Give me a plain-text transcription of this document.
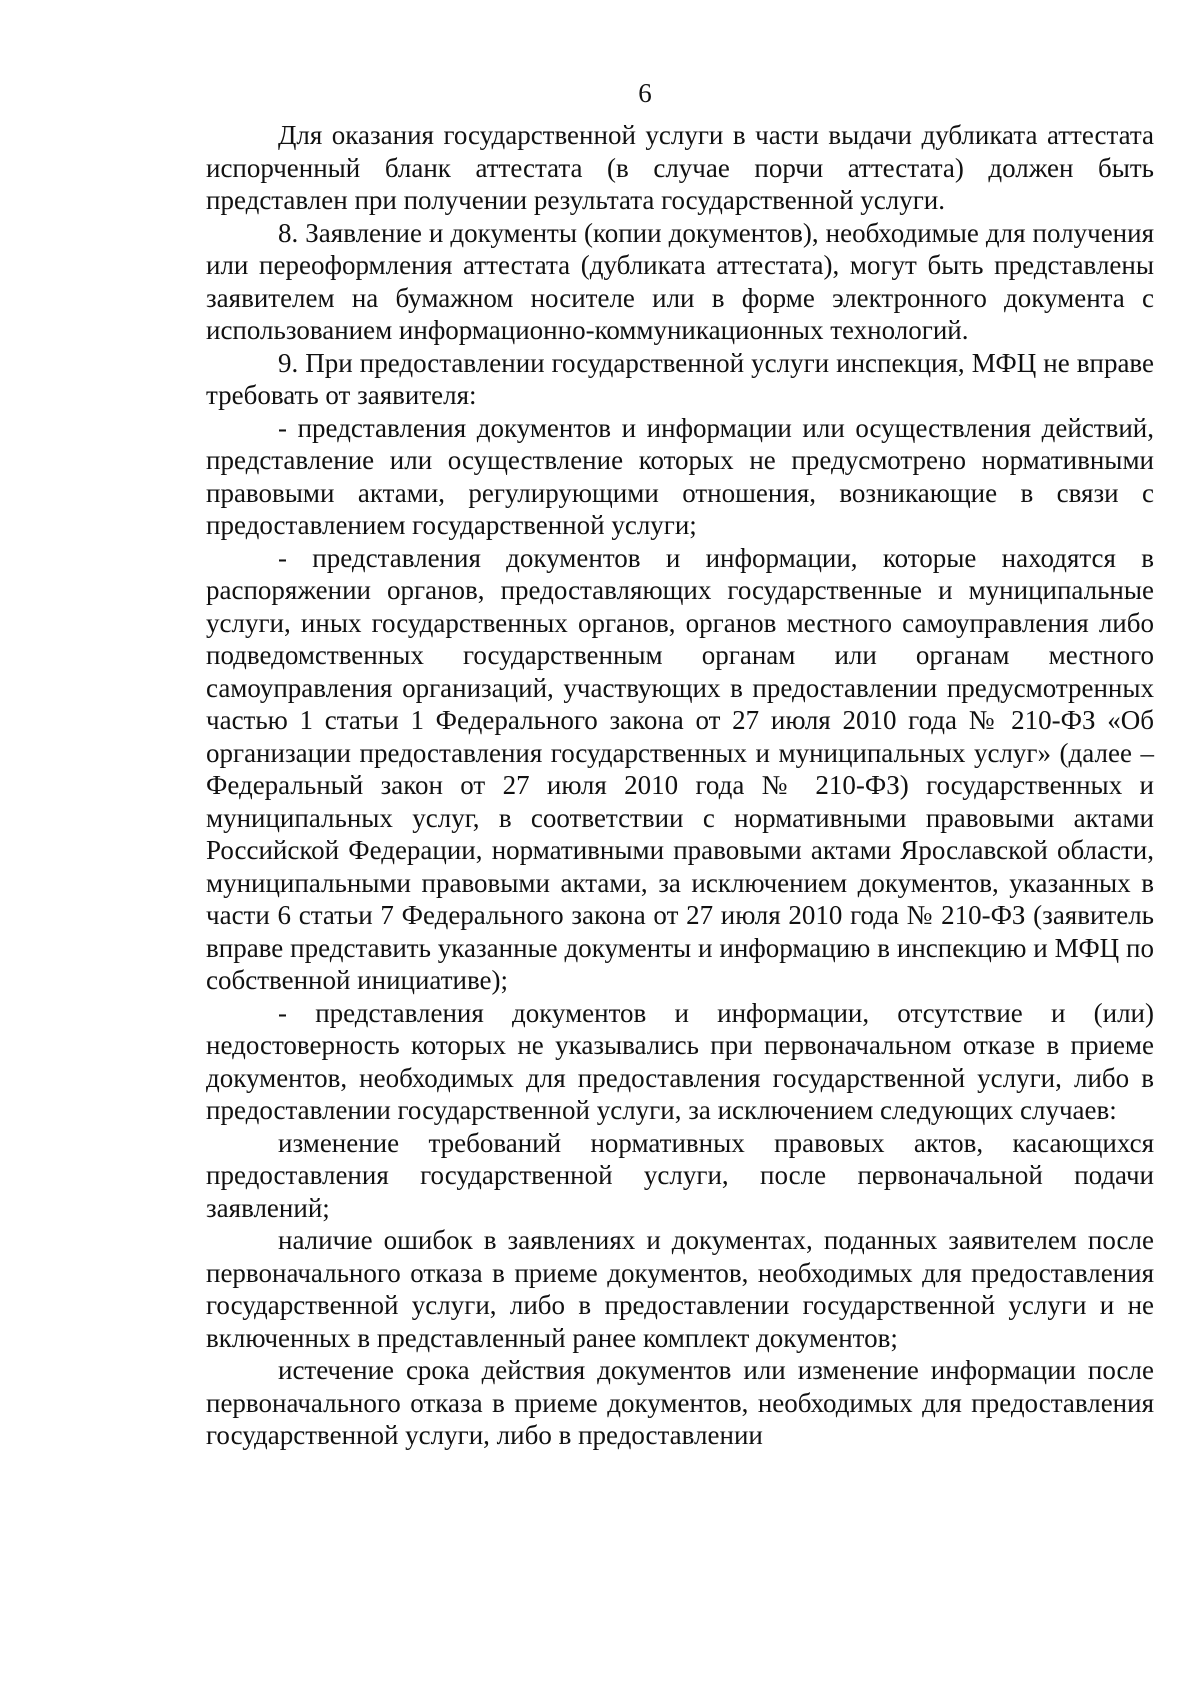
6

Для оказания государственной услуги в части выдачи дубликата аттестата испорченный бланк аттестата (в случае порчи аттестата) должен быть представлен при получении результата государственной услуги.

8. Заявление и документы (копии документов), необходимые для получения или переоформления аттестата (дубликата аттестата), могут быть представлены заявителем на бумажном носителе или в форме электронного документа с использованием информационно-коммуникационных технологий.

9. При предоставлении государственной услуги инспекция, МФЦ не вправе требовать от заявителя:

- представления документов и информации или осуществления действий, представление или осуществление которых не предусмотрено нормативными правовыми актами, регулирующими отношения, возникающие в связи с предоставлением государственной услуги;

- представления документов и информации, которые находятся в распоряжении органов, предоставляющих государственные и муниципальные услуги, иных государственных органов, органов местного самоуправления либо подведомственных государственным органам или органам местного самоуправления организаций, участвующих в предоставлении предусмотренных частью 1 статьи 1 Федерального закона от 27 июля 2010 года № 210-ФЗ «Об организации предоставления государственных и муниципальных услуг» (далее – Федеральный закон от 27 июля 2010 года № 210-ФЗ) государственных и муниципальных услуг, в соответствии с нормативными правовыми актами Российской Федерации, нормативными правовыми актами Ярославской области, муниципальными правовыми актами, за исключением документов, указанных в части 6 статьи 7 Федерального закона от 27 июля 2010 года № 210-ФЗ (заявитель вправе представить указанные документы и информацию в инспекцию и МФЦ по собственной инициативе);

- представления документов и информации, отсутствие и (или) недостоверность которых не указывались при первоначальном отказе в приеме документов, необходимых для предоставления государственной услуги, либо в предоставлении государственной услуги, за исключением следующих случаев:

изменение требований нормативных правовых актов, касающихся предоставления государственной услуги, после первоначальной подачи заявлений;

наличие ошибок в заявлениях и документах, поданных заявителем после первоначального отказа в приеме документов, необходимых для предоставления государственной услуги, либо в предоставлении государственной услуги и не включенных в представленный ранее комплект документов;

истечение срока действия документов или изменение информации после первоначального отказа в приеме документов, необходимых для предоставления государственной услуги, либо в предоставлении
